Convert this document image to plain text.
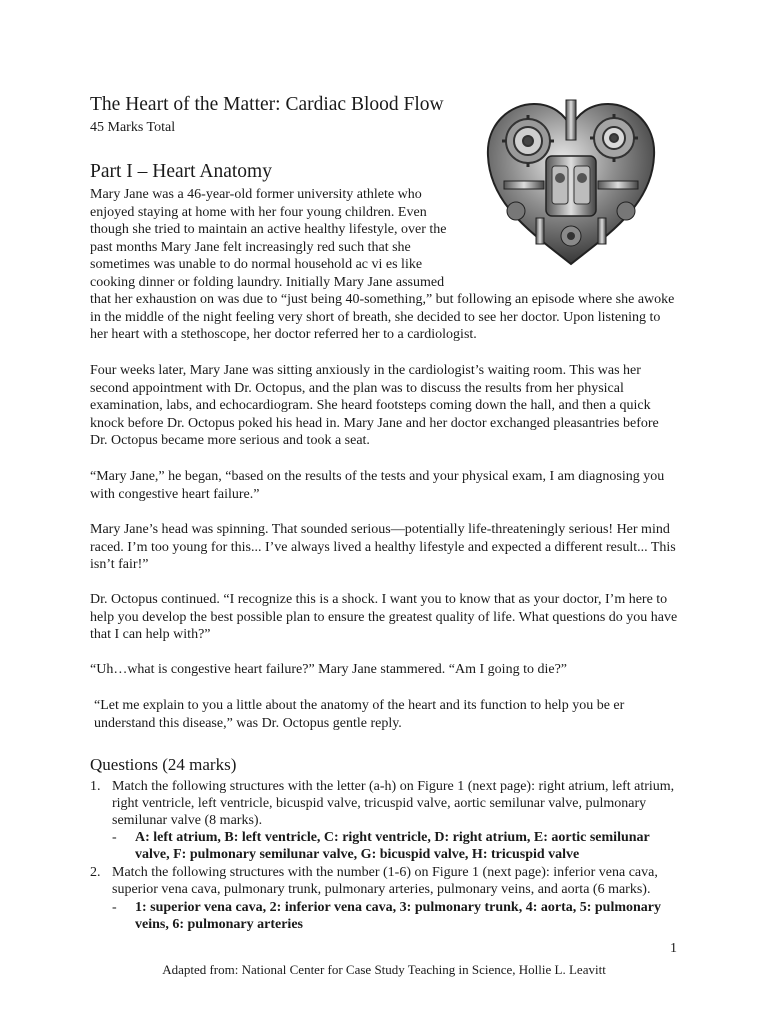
The Heart of the Matter: Cardiac Blood Flow
45 Marks Total
Part I – Heart Anatomy

Mary Jane was a 46-year-old former university athlete who enjoyed staying at home with her four young children. Even though she tried to maintain an active healthy lifestyle, over the past months Mary Jane felt increasingly red such that she sometimes was unable to do normal household ac vi es like cooking dinner or folding laundry. Initially Mary Jane assumed

that her exhaustion on was due to “just being 40-something,” but following an episode where she awoke in the middle of the night feeling very short of breath, she decided to see her doctor. Upon listening to her heart with a stethoscope, her doctor referred her to a cardiologist.

Four weeks later, Mary Jane was sitting anxiously in the cardiologist’s waiting room. This was her second appointment with Dr. Octopus, and the plan was to discuss the results from her physical examination, labs, and echocardiogram. She heard footsteps coming down the hall, and then a quick knock before Dr. Octopus poked his head in. Mary Jane and her doctor exchanged pleasantries before Dr. Octopus became more serious and took a seat.

“Mary Jane,” he began, “based on the results of the tests and your physical exam, I am diagnosing you with congestive heart failure.”

Mary Jane’s head was spinning. That sounded serious—potentially life-threateningly serious! Her mind raced. I’m too young for this... I’ve always lived a healthy lifestyle and expected a different result... This isn’t fair!”

Dr. Octopus continued. “I recognize this is a shock. I want you to know that as your doctor, I’m here to help you develop the best possible plan to ensure the greatest quality of life. What questions do you have that I can help with?”

“Uh…what is congestive heart failure?” Mary Jane stammered. “Am I going to die?”

“Let me explain to you a little about the anatomy of the heart and its function to help you be er understand this disease,” was Dr. Octopus gentle reply.

Questions (24 marks)
1. Match the following structures with the letter (a-h) on Figure 1 (next page): right atrium, left atrium, right ventricle, left ventricle, bicuspid valve, tricuspid valve, aortic semilunar valve, pulmonary semilunar valve (8 marks).
- A: left atrium, B: left ventricle, C: right ventricle, D: right atrium, E: aortic semilunar valve, F: pulmonary semilunar valve, G: bicuspid valve, H: tricuspid valve
2. Match the following structures with the number (1-6) on Figure 1 (next page): inferior vena cava, superior vena cava, pulmonary trunk, pulmonary arteries, pulmonary veins, and aorta (6 marks).
- 1: superior vena cava, 2: inferior vena cava, 3: pulmonary trunk, 4: aorta, 5: pulmonary veins, 6: pulmonary arteries
1
Adapted from: National Center for Case Study Teaching in Science, Hollie L. Leavitt
